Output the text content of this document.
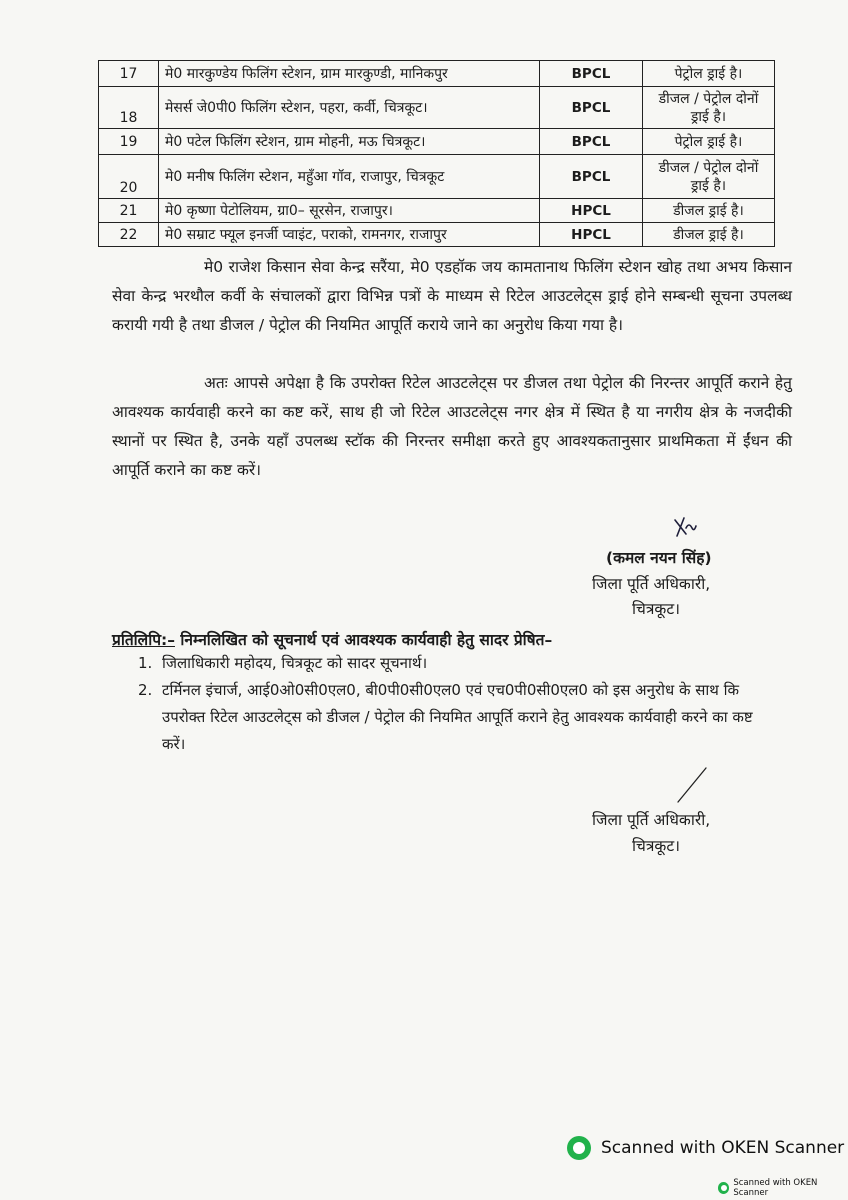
17	मे0 मारकुण्डेय फिलिंग स्टेशन, ग्राम मारकुण्डी, मानिकपुर	BPCL	पेट्रोल ड्राई है।
18	मेसर्स जे0पी0 फिलिंग स्टेशन, पहरा, कर्वी, चित्रकूट।	BPCL	डीजल / पेट्रोल दोनों ड्राई है।
19	मे0 पटेल फिलिंग स्टेशन, ग्राम मोहनी, मऊ चित्रकूट।	BPCL	पेट्रोल ड्राई है।
20	मे0 मनीष फिलिंग स्टेशन, महुँआ गॉव, राजापुर, चित्रकूट	BPCL	डीजल / पेट्रोल दोनों ड्राई है।
21	मे0 कृष्णा पेटोलियम, ग्रा0– सूरसेन, राजापुर।	HPCL	डीजल ड्राई है।
22	मे0 सम्राट फ्यूल इनर्जी प्वाइंट, पराको, रामनगर, राजापुर	HPCL	डीजल ड्राई है।

मे0 राजेश किसान सेवा केन्द्र सरैंया, मे0 एडहॉक जय कामतानाथ फिलिंग स्टेशन खोह तथा अभय किसान सेवा केन्द्र भरथौल कर्वी के संचालकों द्वारा विभिन्न पत्रों के माध्यम से रिटेल आउटलेट्स ड्राई होने सम्बन्धी सूचना उपलब्ध करायी गयी है तथा डीजल / पेट्रोल की नियमित आपूर्ति कराये जाने का अनुरोध किया गया है।

अतः आपसे अपेक्षा है कि उपरोक्त रिटेल आउटलेट्स पर डीजल तथा पेट्रोल की निरन्तर आपूर्ति कराने हेतु आवश्यक कार्यवाही करने का कष्ट करें, साथ ही जो रिटेल आउटलेट्स नगर क्षेत्र में स्थित है या नगरीय क्षेत्र के नजदीकी स्थानों पर स्थित है, उनके यहॉं उपलब्ध स्टॉक की निरन्तर समीक्षा करते हुए आवश्यकतानुसार प्राथमिकता में ईंधन की आपूर्ति कराने का कष्ट करें।

(कमल नयन सिंह)
जिला पूर्ति अधिकारी,
चित्रकूट।
प्रतिलिपि:– निम्नलिखित को सूचनार्थ एवं आवश्यक कार्यवाही हेतु सादर प्रेषित–
1. जिलाधिकारी महोदय, चित्रकूट को सादर सूचनार्थ।
2. टर्मिनल इंचार्ज, आई0ओ0सी0एल0, बी0पी0सी0एल0 एवं एच0पी0सी0एल0 को इस अनुरोध के साथ कि उपरोक्त रिटेल आउटलेट्स को डीजल / पेट्रोल की नियमित आपूर्ति कराने हेतु आवश्यक कार्यवाही करने का कष्ट करें।
जिला पूर्ति अधिकारी,
चित्रकूट।
Scanned with OKEN Scanner
Scanned with OKEN Scanner
